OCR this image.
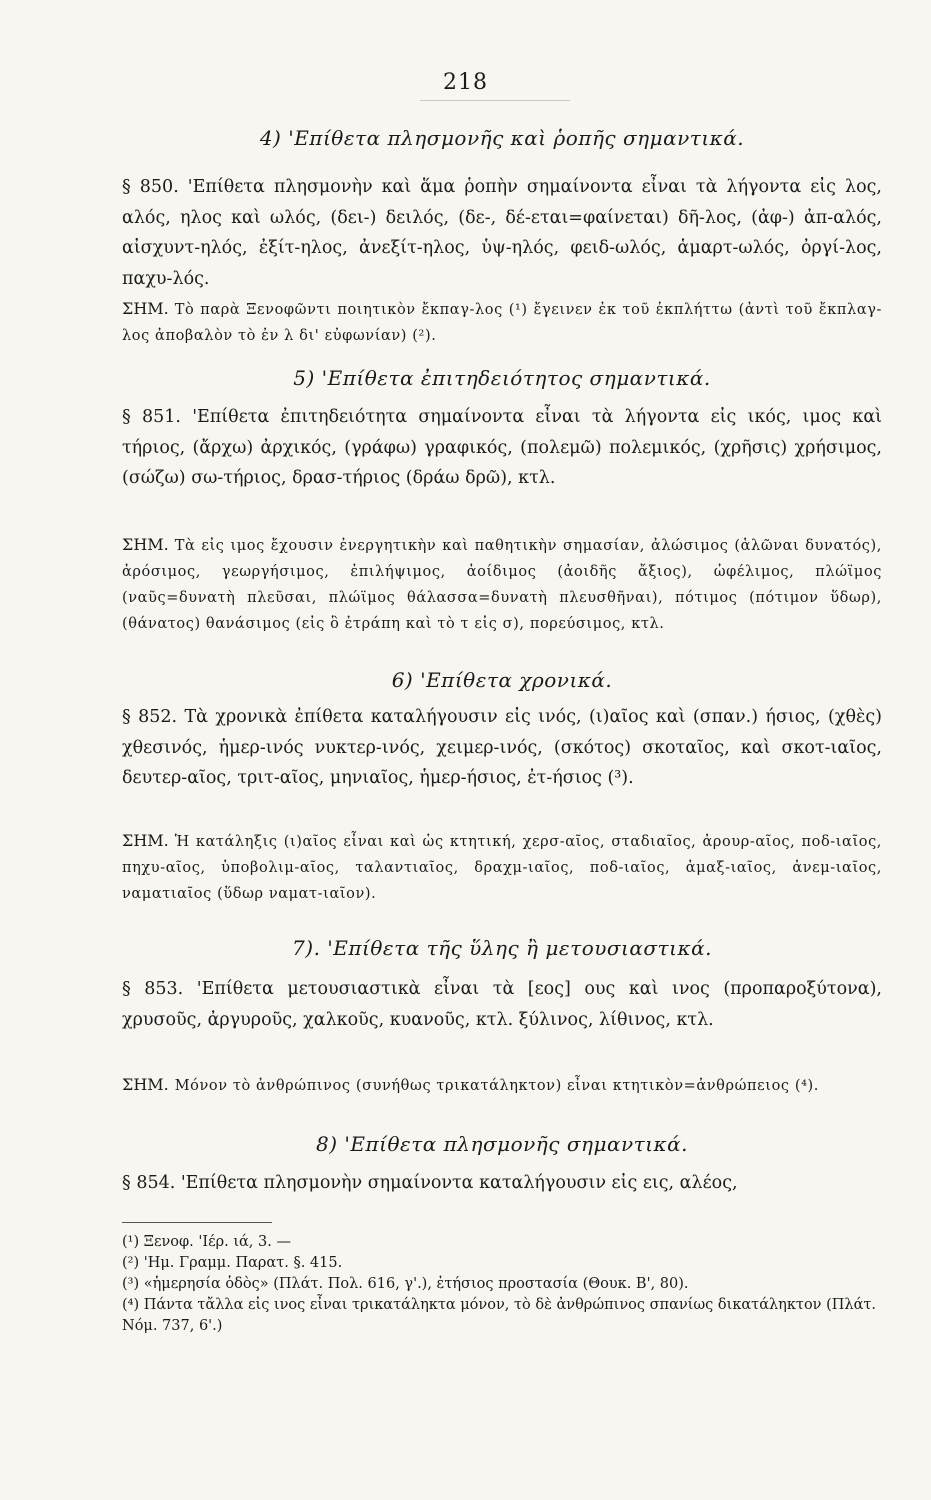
218
4) 'Επίθετα πλησμονῆς καὶ ῥοπῆς σημαντικά.
§ 850. 'Επίθετα πλησμονὴν καὶ ἅμα ῥοπὴν σημαίνοντα εἶναι τὰ λήγοντα εἰς λος, αλός, ηλος καὶ ωλός, (δει-) δειλός, (δε-, δέ-εται=φαίνεται) δῆ-λος, (ἀφ-) ἀπ-αλός, αἰσχυντ-ηλός, ἐξίτ-ηλος, ἀνεξίτ-ηλος, ὑψ-ηλός, φειδ-ωλός, ἁμαρτ-ωλός, ὀργί-λος, παχυ-λός.
ΣΗΜ. Τὸ παρὰ Ξενοφῶντι ποιητικὸν ἔκπαγ-λος (¹) ἔγεινεν ἐκ τοῦ ἐκπλήττω (ἀντὶ τοῦ ἔκπλαγ-λος ἀποβαλὸν τὸ ἐν λ δι' εὐφωνίαν) (²).
5) 'Επίθετα ἐπιτηδειότητος σημαντικά.
§ 851. 'Επίθετα ἐπιτηδειότητα σημαίνοντα εἶναι τὰ λήγοντα εἰς ικός, ιμος καὶ τήριος, (ἄρχω) ἀρχικός, (γράφω) γραφικός, (πολεμῶ) πολεμικός, (χρῆσις) χρήσιμος, (σώζω) σω-τήριος, δρασ-τήριος (δράω δρῶ), κτλ.
ΣΗΜ. Τὰ εἰς ιμος ἔχουσιν ἐνεργητικὴν καὶ παθητικὴν σημασίαν, ἀλώσιμος (ἁλῶναι δυνατός), ἀρόσιμος, γεωργήσιμος, ἐπιλήψιμος, ἀοίδιμος (ἀοιδῆς ἄξιος), ὠφέλιμος, πλώϊμος (ναῦς=δυνατὴ πλεῦσαι, πλώϊμος θάλασσα=δυνατὴ πλευσθῆναι), πότιμος (πότιμον ὕδωρ), (θάνατος) θανάσιμος (εἰς ὃ ἐτράπη καὶ τὸ τ εἰς σ), πορεύσιμος, κτλ.
6) 'Επίθετα χρονικά.
§ 852. Τὰ χρονικὰ ἐπίθετα καταλήγουσιν εἰς ινός, (ι)αῖος καὶ (σπαν.) ήσιος, (χθὲς) χθεσινός, ἡμερ-ινός νυκτερ-ινός, χειμερ-ινός, (σκότος) σκοταῖος, καὶ σκοτ-ιαῖος, δευτερ-αῖος, τριτ-αῖος, μηνιαῖος, ἡμερ-ήσιος, ἐτ-ήσιος (³).
ΣΗΜ. Ἡ κατάληξις (ι)αῖος εἶναι καὶ ὡς κτητική, χερσ-αῖος, σταδιαῖος, ἀρουρ-αῖος, ποδ-ιαῖος, πηχυ-αῖος, ὑποβολιμ-αῖος, ταλαντιαῖος, δραχμ-ιαῖος, ποδ-ιαῖος, ἁμαξ-ιαῖος, ἀνεμ-ιαῖος, ναματιαῖος (ὕδωρ ναματ-ιαῖον).
7). 'Επίθετα τῆς ὕλης ἢ μετουσιαστικά.
§ 853. 'Επίθετα μετουσιαστικὰ εἶναι τὰ [εος] ους καὶ ινος (προπαροξύτονα), χρυσοῦς, ἀργυροῦς, χαλκοῦς, κυανοῦς, κτλ. ξύλινος, λίθινος, κτλ.
ΣΗΜ. Μόνον τὸ ἀνθρώπινος (συνήθως τρικατάληκτον) εἶναι κτητικὸν=ἀνθρώπειος (⁴).
8) 'Επίθετα πλησμονῆς σημαντικά.
§ 854. 'Επίθετα πλησμονὴν σημαίνοντα καταλήγουσιν εἰς εις, αλέος,
(¹) Ξενοφ. 'Ιέρ. ιά, 3. —
(²) 'Ημ. Γραμμ. Παρατ. §. 415.
(³) «ἡμερησία ὁδὸς» (Πλάτ. Πολ. 616, γ'.), ἐτήσιος προστασία (Θουκ. Β', 80).
(⁴) Πάντα τἄλλα εἰς ινος εἶναι τρικατάληκτα μόνον, τὸ δὲ ἀνθρώπινος σπανίως δικατάληκτον (Πλάτ. Νόμ. 737, 6'.)
